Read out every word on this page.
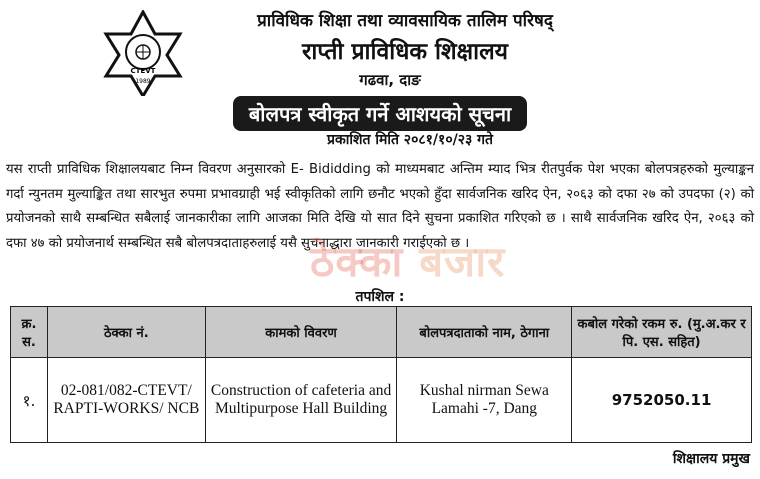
CTEVT
1989
प्राविधिक शिक्षा तथा व्यावसायिक तालिम परिषद्
राप्ती प्राविधिक शिक्षालय
गढवा, दाङ
बोलपत्र स्वीकृत गर्ने आशयको सूचना
प्रकाशित मिति २०८१/१०/२३ गते
यस राप्ती प्राविधिक शिक्षालयबाट निम्न विवरण अनुसारको E- Bididding को माध्यमबाट अन्तिम म्याद भित्र रीतपुर्वक पेश भएका बोलपत्रहरुको मुल्याङ्कन गर्दा न्युनतम मुल्याङ्कित तथा सारभुत रुपमा प्रभावग्राही भई स्वीकृतिको लागि छनौट भएको हुँदा सार्वजनिक खरिद ऐन, २०६३ को दफा २७ को उपदफा (२) को प्रयोजनको साथै सम्बन्धित सबैलाई जानकारीका लागि आजका मिति देखि यो सात दिने सुचना प्रकाशित गरिएको छ । साथै सार्वजनिक खरिद ऐन, २०६३ को दफा ४७ को प्रयोजनार्थ सम्बन्धित सबै बोलपत्रदाताहरुलाई यसै सुचनाद्धारा जानकारी गराईएको छ ।
ठेक्का बजार
तपशिल :
क्र. स.	ठेक्का नं.	कामको विवरण	बोलपत्रदाताको नाम, ठेगाना	कबोल गरेको रकम रु. (मु.अ.कर र पि. एस. सहित)
१.	02-081/082-CTEVT/ RAPTI-WORKS/ NCB	Construction of cafeteria and Multipurpose Hall Building	Kushal nirman Sewa Lamahi -7, Dang	9752050.11
शिक्षालय प्रमुख
